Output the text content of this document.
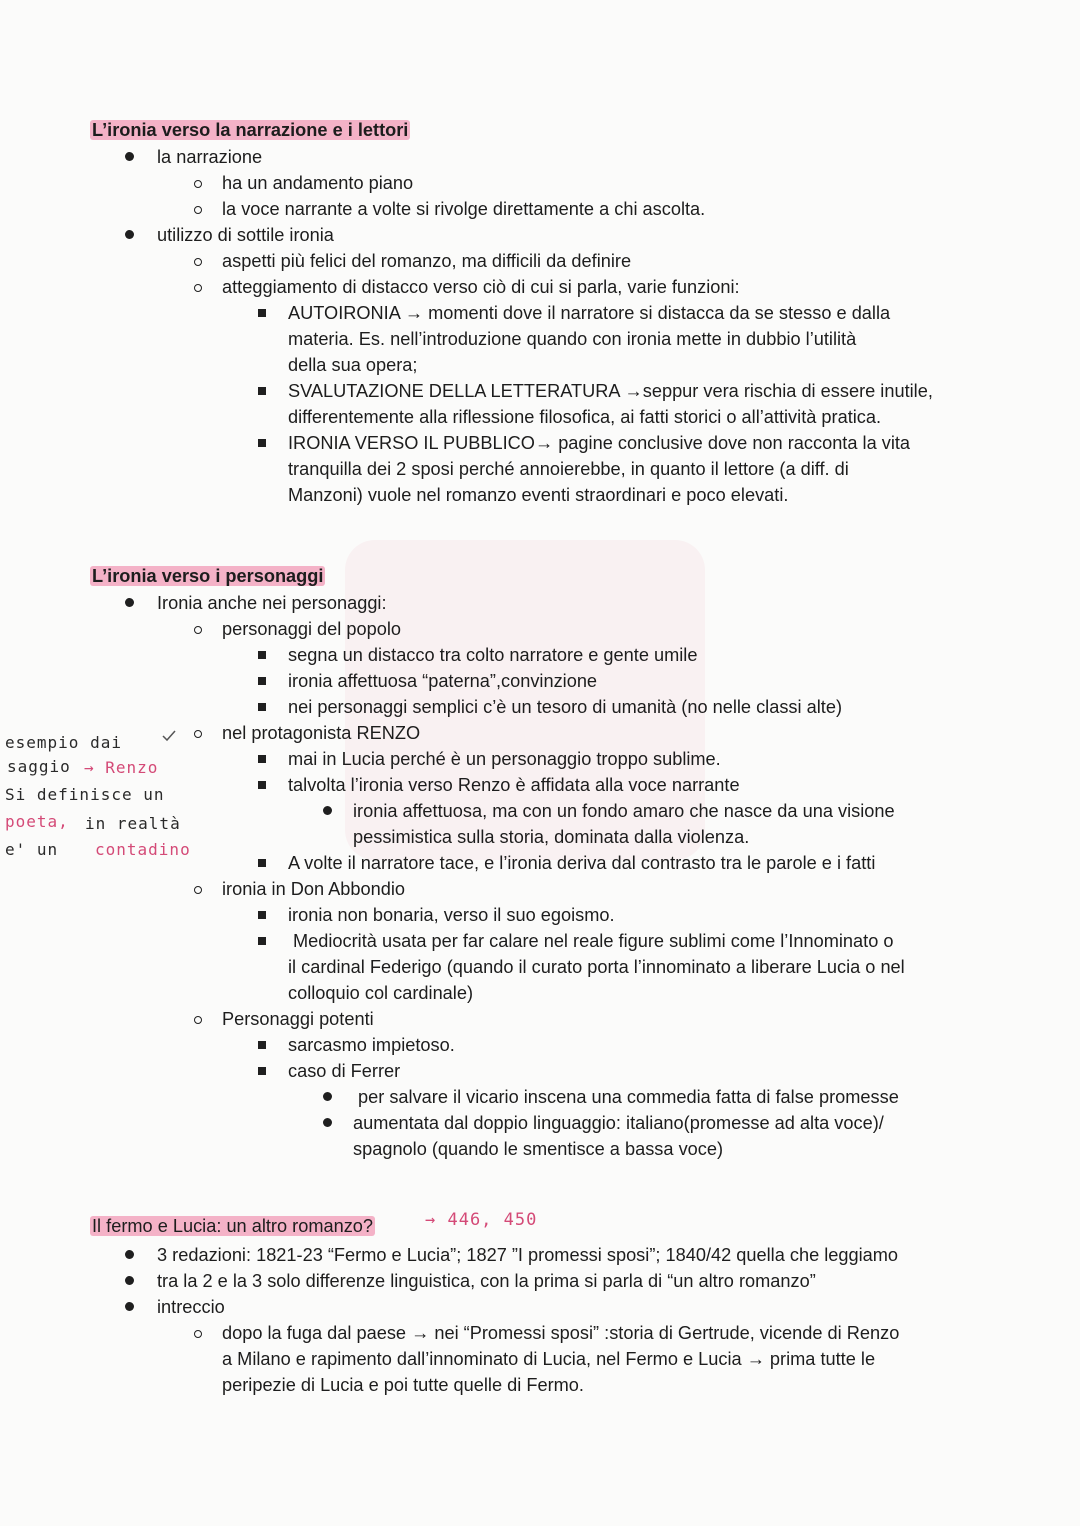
L’ironia verso la narrazione e i lettori
la narrazione
ha un andamento piano
la voce narrante a volte si rivolge direttamente a chi ascolta.
utilizzo di sottile ironia
aspetti più felici del romanzo, ma difficili da definire
atteggiamento di distacco verso ciò di cui si parla, varie funzioni:
AUTOIRONIA → momenti dove il narratore si distacca da se stesso e dalla
materia. Es. nell’introduzione quando con ironia mette in dubbio l’utilità
della sua opera;
SVALUTAZIONE DELLA LETTERATURA →seppur vera rischia di essere inutile,
differentemente alla riflessione filosofica, ai fatti storici o all’attività pratica.
IRONIA VERSO IL PUBBLICO→ pagine conclusive dove non racconta la vita
tranquilla dei 2 sposi perché annoierebbe, in quanto il lettore (a diff. di
Manzoni) vuole nel romanzo eventi straordinari e poco elevati.
L’ironia verso i personaggi
Ironia anche nei personaggi:
personaggi del popolo
segna un distacco tra colto narratore e gente umile
ironia affettuosa “paterna”,convinzione
nei personaggi semplici c’è un tesoro di umanità (no nelle classi alte)
nel protagonista RENZO
mai in Lucia perché è un personaggio troppo sublime.
talvolta l’ironia verso Renzo è affidata alla voce narrante
ironia affettuosa, ma con un fondo amaro che nasce da una visione
pessimistica sulla storia, dominata dalla violenza.
A volte il narratore tace, e l’ironia deriva dal contrasto tra le parole e i fatti
ironia in Don Abbondio
ironia non bonaria, verso il suo egoismo.
Mediocrità usata per far calare nel reale figure sublimi come l’Innominato o
il cardinal Federigo (quando il curato porta l’innominato a liberare Lucia o nel
colloquio col cardinale)
Personaggi potenti
sarcasmo impietoso.
caso di Ferrer
per salvare il vicario inscena una commedia fatta di false promesse
aumentata dal doppio linguaggio: italiano(promesse ad alta voce)/
spagnolo (quando le smentisce a bassa voce)
esempio dai
saggio → Renzo
Si definisce un
poeta, in realtà
e' un contadino
Il fermo e Lucia: un altro romanzo?	→ 446, 450
3 redazioni: 1821-23 “Fermo e Lucia”; 1827 ”I promessi sposi”; 1840/42 quella che leggiamo
tra la 2 e la 3 solo differenze linguistica, con la prima si parla di “un altro romanzo”
intreccio
dopo la fuga dal paese → nei “Promessi sposi” :storia di Gertrude, vicende di Renzo
a Milano e rapimento dall’innominato di Lucia, nel Fermo e Lucia → prima tutte le
peripezie di Lucia e poi tutte quelle di Fermo.
